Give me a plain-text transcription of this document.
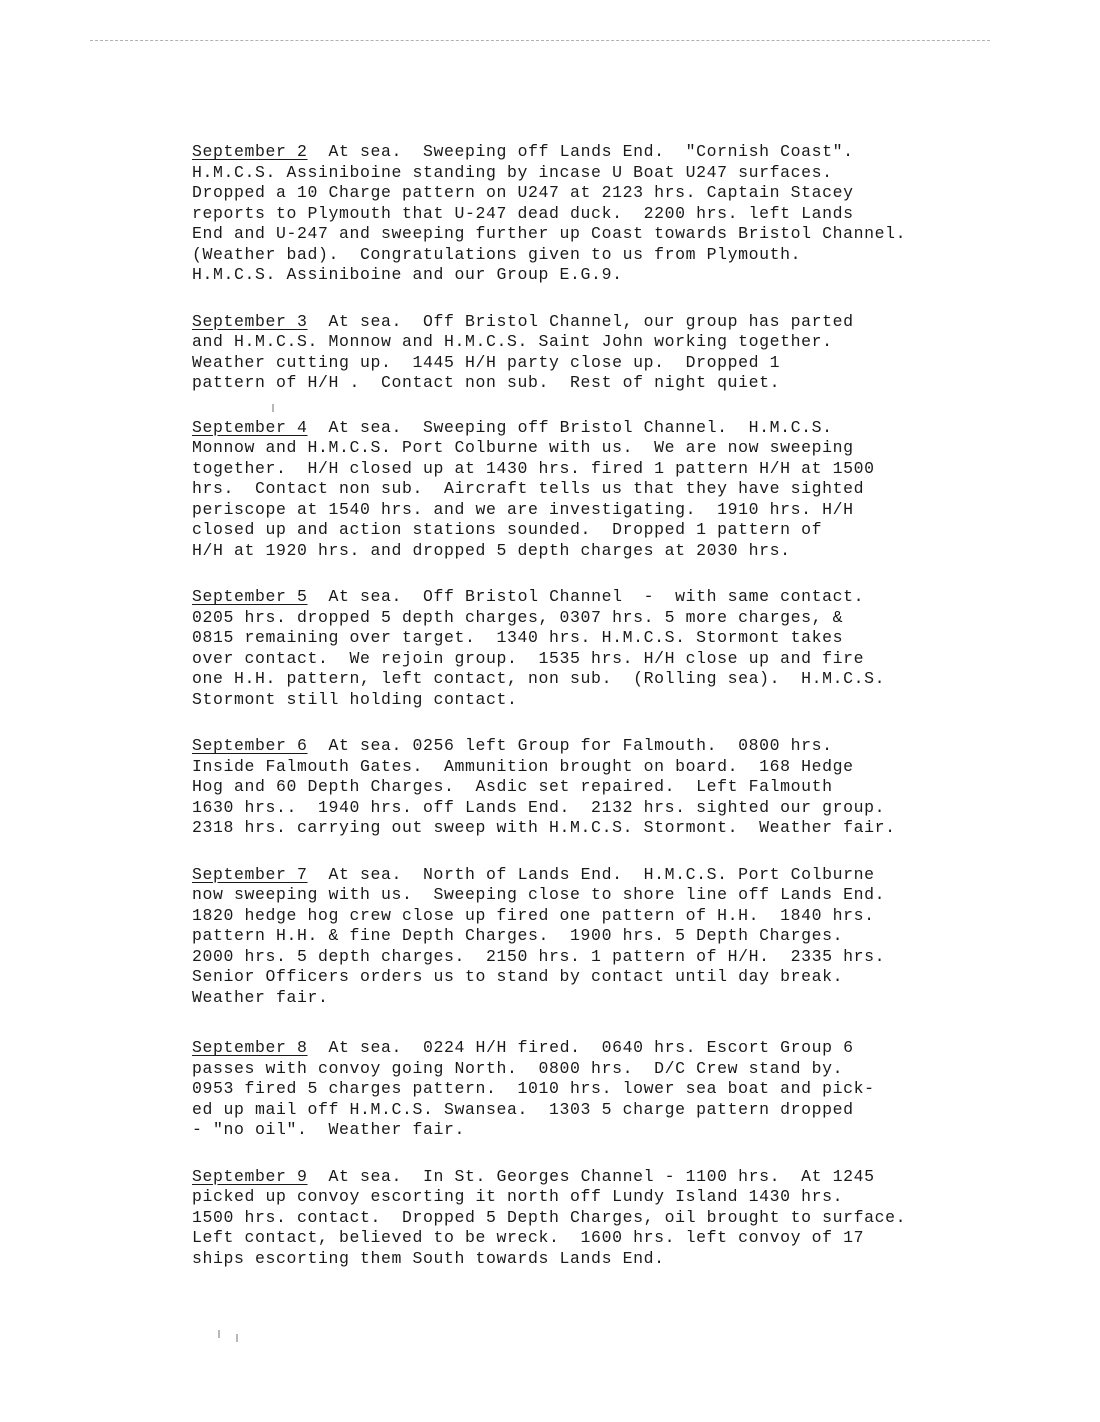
September 2  At sea.  Sweeping off Lands End.  "Cornish Coast".
H.M.C.S. Assiniboine standing by incase U Boat U247 surfaces.
Dropped a 10 Charge pattern on U247 at 2123 hrs. Captain Stacey
reports to Plymouth that U-247 dead duck.  2200 hrs. left Lands
End and U-247 and sweeping further up Coast towards Bristol Channel.
(Weather bad).  Congratulations given to us from Plymouth.
H.M.C.S. Assiniboine and our Group E.G.9.
September 3  At sea.  Off Bristol Channel, our group has parted
and H.M.C.S. Monnow and H.M.C.S. Saint John working together.
Weather cutting up.  1445 H/H party close up.  Dropped 1
pattern of H/H .  Contact non sub.  Rest of night quiet.
September 4  At sea.  Sweeping off Bristol Channel.  H.M.C.S.
Monnow and H.M.C.S. Port Colburne with us.  We are now sweeping
together.  H/H closed up at 1430 hrs. fired 1 pattern H/H at 1500
hrs.  Contact non sub.  Aircraft tells us that they have sighted
periscope at 1540 hrs. and we are investigating.  1910 hrs. H/H
closed up and action stations sounded.  Dropped 1 pattern of
H/H at 1920 hrs. and dropped 5 depth charges at 2030 hrs.
September 5  At sea.  Off Bristol Channel  -  with same contact.
0205 hrs. dropped 5 depth charges, 0307 hrs. 5 more charges, &
0815 remaining over target.  1340 hrs. H.M.C.S. Stormont takes
over contact.  We rejoin group.  1535 hrs. H/H close up and fire
one H.H. pattern, left contact, non sub.  (Rolling sea).  H.M.C.S.
Stormont still holding contact.
September 6  At sea. 0256 left Group for Falmouth.  0800 hrs.
Inside Falmouth Gates.  Ammunition brought on board.  168 Hedge
Hog and 60 Depth Charges.  Asdic set repaired.  Left Falmouth
1630 hrs..  1940 hrs. off Lands End.  2132 hrs. sighted our group.
2318 hrs. carrying out sweep with H.M.C.S. Stormont.  Weather fair.
September 7  At sea.  North of Lands End.  H.M.C.S. Port Colburne
now sweeping with us.  Sweeping close to shore line off Lands End.
1820 hedge hog crew close up fired one pattern of H.H.  1840 hrs.
pattern H.H. & fine Depth Charges.  1900 hrs. 5 Depth Charges.
2000 hrs. 5 depth charges.  2150 hrs. 1 pattern of H/H.  2335 hrs.
Senior Officers orders us to stand by contact until day break.
Weather fair.
September 8  At sea.  0224 H/H fired.  0640 hrs. Escort Group 6
passes with convoy going North.  0800 hrs.  D/C Crew stand by.
0953 fired 5 charges pattern.  1010 hrs. lower sea boat and pick-
ed up mail off H.M.C.S. Swansea.  1303 5 charge pattern dropped
- "no oil".  Weather fair.
September 9  At sea.  In St. Georges Channel - 1100 hrs.  At 1245
picked up convoy escorting it north off Lundy Island 1430 hrs.
1500 hrs. contact.  Dropped 5 Depth Charges, oil brought to surface.
Left contact, believed to be wreck.  1600 hrs. left convoy of 17
ships escorting them South towards Lands End.
